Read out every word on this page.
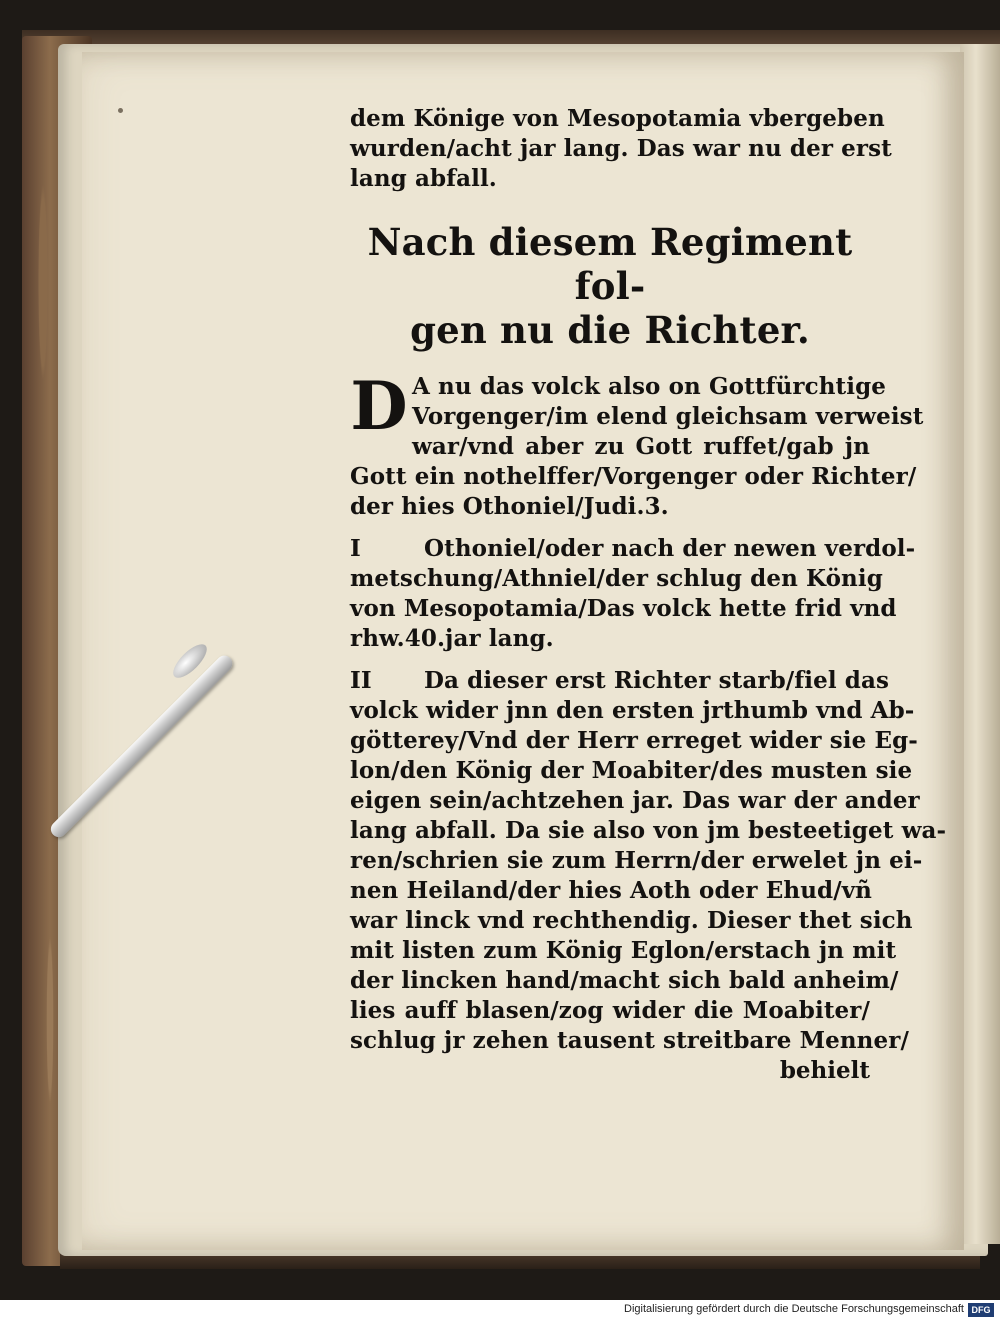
dem Könige von Mesopotamia vbergeben
wurden/acht jar lang. Das war nu der erst
lang abfall.
Nach diesem Regiment fol-
gen nu die Richter.
D A nu das volck also on Gottfürchtige
Vorgenger/im elend gleichsam verweist
war/vnd aber zu Gott ruffet/gab jn
Gott ein nothelffer/Vorgenger oder Richter/
der hies Othoniel/Judi.3.
I	Othoniel/oder nach der newen verdol-
metschung/Athniel/der schlug den König
von Mesopotamia/Das volck hette frid vnd
rhw.40.jar lang.
II Da dieser erst Richter starb/fiel das
volck wider jnn den ersten jrthumb vnd Ab-
götterey/Vnd der Herr erreget wider sie Eg-
lon/den König der Moabiter/des musten sie
eigen sein/achtzehen jar. Das war der ander
lang abfall. Da sie also von jm besteetiget wa-
ren/schrien sie zum Herrn/der erwelet jn ei-
nen Heiland/der hies Aoth oder Ehud/vñ
war linck vnd rechthendig. Dieser thet sich
mit listen zum König Eglon/erstach jn mit
der lincken hand/macht sich bald anheim/
lies auff blasen/zog wider die Moabiter/
schlug jr zehen tausent streitbare Menner/
behielt
Digitalisierung gefördert durch die Deutsche Forschungsgemeinschaft DFG
